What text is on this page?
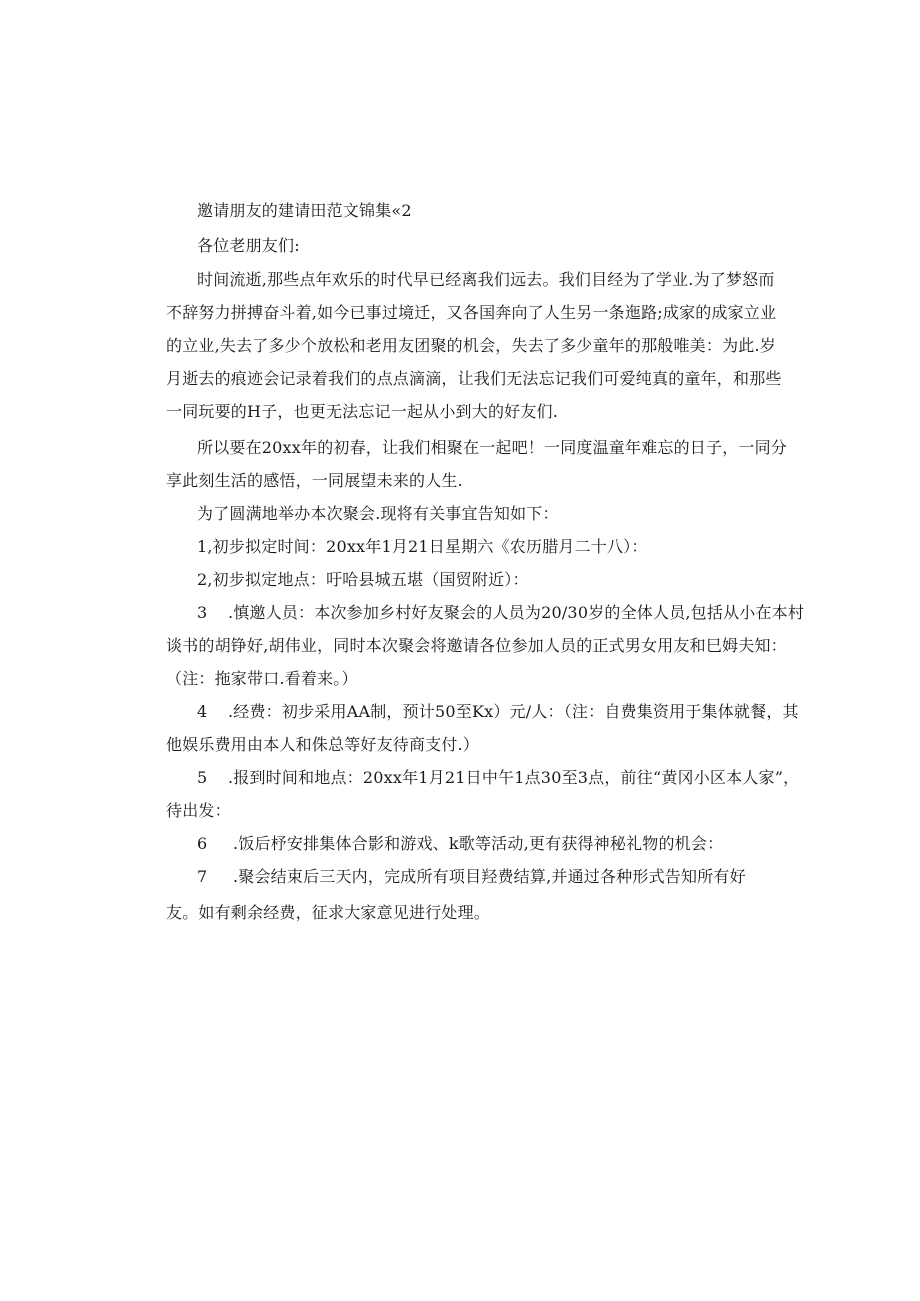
邀请朋友的建请田范文锦集«2
各位老朋友们:
时间流逝,那些点年欢乐的时代早已经离我们远去。我们目经为了学业.为了梦怒而
不辞努力拼搏奋斗着,如今已事过境迁，又各国奔向了人生另一条迤路;成家的成家立业
的立业,失去了多少个放松和老用友团聚的机会，失去了多少童年的那般唯美：为此.岁
月逝去的痕迹会记录着我们的点点滴滴，让我们无法忘记我们可爱纯真的童年，和那些
一同玩要的H子，也更无法忘记一起从小到大的好友们.
所以要在20xx年的初春，让我们相聚在一起吧！一同度温童年难忘的日子，一同分
享此刻生活的感悟，一同展望未来的人生.
为了圆满地举办本次聚会.现将有关事宜告知如下：
1,初步拟定时间：20xx年1月21日星期六《农历腊月二十八）：
2,初步拟定地点：吁哈县城五堪（国贸附近）：
3 .慎邀人员：本次参加乡村好友聚会的人员为20/30岁的全体人员,包括从小在本村
谈书的胡铮好,胡伟业，同时本次聚会将邀请各位参加人员的正式男女用友和巳姆夫知：
（注：拖家带口.看着来。）
4 .经费：初步采用AA制，预计50至Kx）元/人：（注：自费集资用于集体就餐，其
他娱乐费用由本人和侏总等好友待商支付.）
5 .报到时间和地点：20xx年1月21日中午1点30至3点，前往“黄冈小区本人家”，
待出发：
6 .饭后杼安排集体合影和游戏、k歌等活动,更有获得神秘礼物的机会：
7 .聚会结束后三天内，完成所有项目羟费结算,并通过各种形式告知所有好
友。如有剩余经费，征求大家意见进行处理。
